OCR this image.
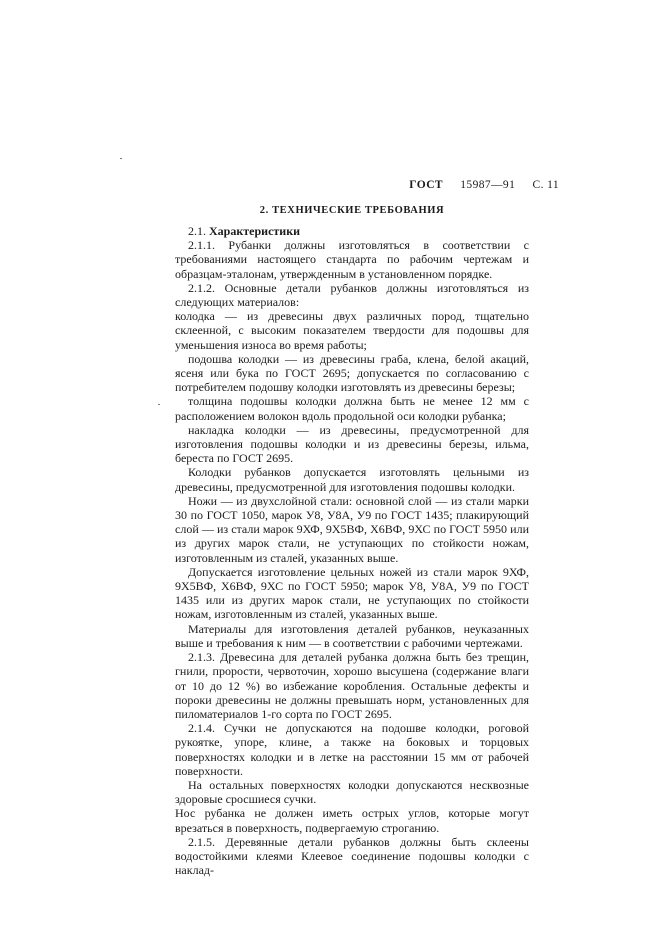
ГОСТ 15987—91 С. 11
2. ТЕХНИЧЕСКИЕ ТРЕБОВАНИЯ

2.1. Характеристики

2.1.1. Рубанки должны изготовляться в соответствии с требованиями настоящего стандарта по рабочим чертежам и образцам-эталонам, утвержденным в установленном порядке.

2.1.2. Основные детали рубанков должны изготовляться из следующих материалов:

колодка — из древесины двух различных пород, тщательно склеенной, с высоким показателем твердости для подошвы для уменьшения износа во время работы;

подошва колодки — из древесины граба, клена, белой акаций, ясеня или бука по ГОСТ 2695; допускается по согласованию с потребителем подошву колодки изготовлять из древесины березы;

толщина подошвы колодки должна быть не менее 12 мм с расположением волокон вдоль продольной оси колодки рубанка;

накладка колодки — из древесины, предусмотренной для изготовления подошвы колодки и из древесины березы, ильма, береста по ГОСТ 2695.

Колодки рубанков допускается изготовлять цельными из древесины, предусмотренной для изготовления подошвы колодки.

Ножи — из двухслойной стали: основной слой — из стали марки 30 по ГОСТ 1050, марок У8, У8А, У9 по ГОСТ 1435; плакирующий слой — из стали марок 9ХФ, 9Х5ВФ, Х6ВФ, 9ХС по ГОСТ 5950 или из других марок стали, не уступающих по стойкости ножам, изготовленным из сталей, указанных выше.

Допускается изготовление цельных ножей из стали марок 9ХФ, 9Х5ВФ, Х6ВФ, 9ХС по ГОСТ 5950; марок У8, У8А, У9 по ГОСТ 1435 или из других марок стали, не уступающих по стойкости ножам, изготовленным из сталей, указанных выше.

Материалы для изготовления деталей рубанков, неуказанных выше и требования к ним — в соответствии с рабочими чертежами.

2.1.3. Древесина для деталей рубанка должна быть без трещин, гнили, прорости, червоточин, хорошо высушена (содержание влаги от 10 до 12 %) во избежание коробления. Остальные дефекты и пороки древесины не должны превышать норм, установленных для пиломатериалов 1-го сорта по ГОСТ 2695.

2.1.4. Сучки не допускаются на подошве колодки, роговой рукоятке, упоре, клине, а также на боковых и торцовых поверхностях колодки и в летке на расстоянии 15 мм от рабочей поверхности.

На остальных поверхностях колодки допускаются несквозные здоровые сросшиеся сучки.

Нос рубанка не должен иметь острых углов, которые могут врезаться в поверхность, подвергаемую строганию.

2.1.5. Деревянные детали рубанков должны быть склеены водостойкими клеями Клеевое соединение подошвы колодки с наклад-
